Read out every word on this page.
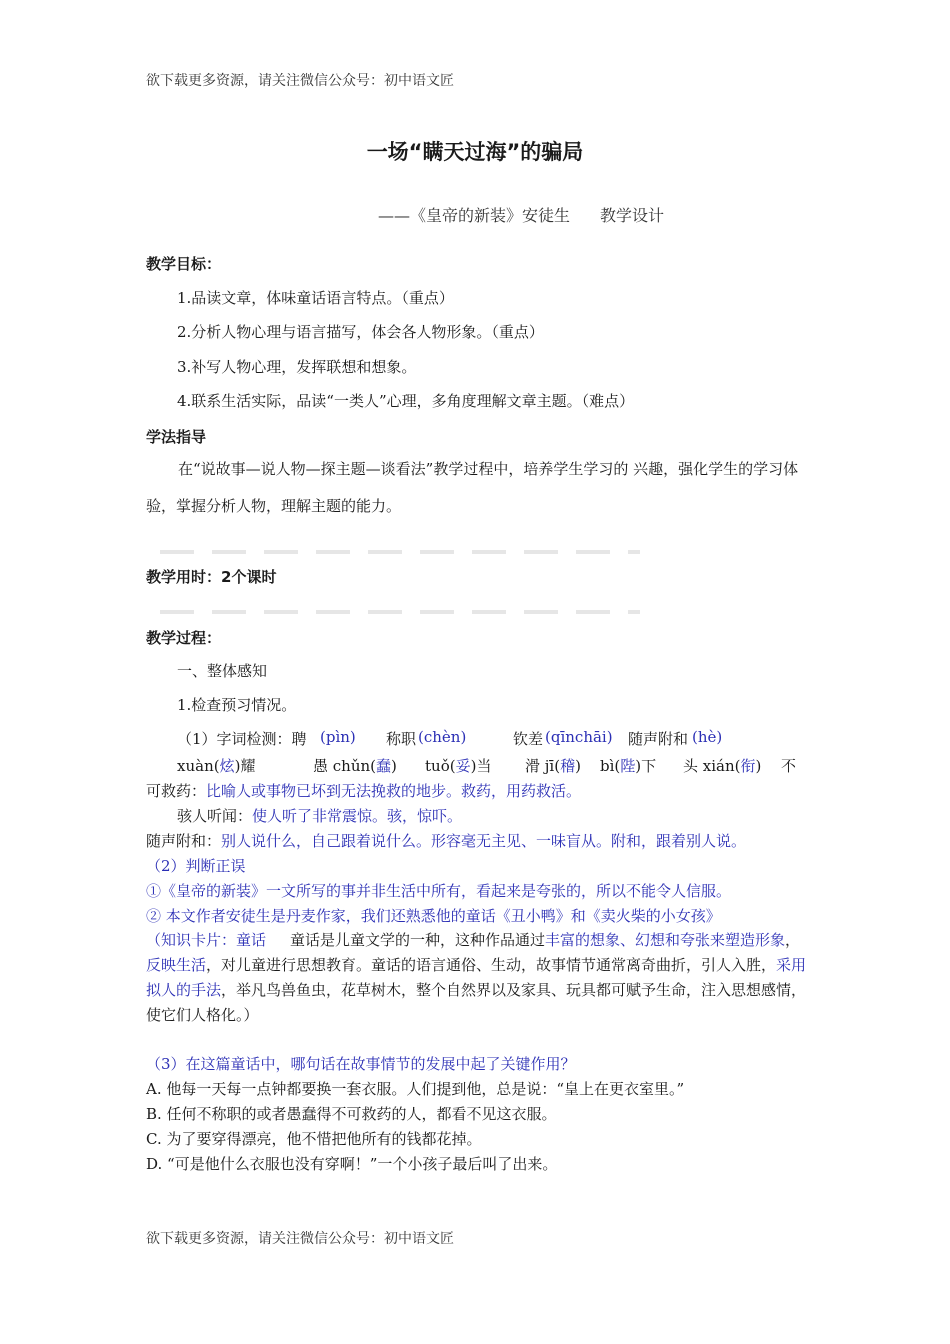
欲下载更多资源，请关注微信公众号：初中语文匠
一场“瞒天过海”的骗局
——《皇帝的新装》安徒生 教学设计
教学目标：
1.品读文章，体味童话语言特点。（重点）
2.分析人物心理与语言描写，体会各人物形象。（重点）
3.补写人物心理，发挥联想和想象。
4.联系生活实际，品读“一类人”心理，多角度理解文章主题。（难点）
学法指导
在“说故事—说人物—探主题—谈看法”教学过程中，培养学生学习的 兴趣，强化学生的学习体验，掌握分析人物，理解主题的能力。
教学用时：2个课时
教学过程：
一、整体感知
1.检查预习情况。
（1）字词检测：聘 (pìn) 称职 (chèn)	钦差 (qīnchāi) 随声附和 (hè)
xuàn(炫)耀	愚 chǔn(蠢) tuǒ(妥)当 滑 jī(稽) bì(陛)下 头 xián(衔) 不
可救药：比喻人或事物已坏到无法挽救的地步。救药，用药救活。
骇人听闻：使人听了非常震惊。骇，惊吓。
随声附和：别人说什么，自己跟着说什么。形容毫无主见、一味盲从。附和，跟着别人说。
（2）判断正误
①《皇帝的新装》一文所写的事并非生活中所有，看起来是夸张的，所以不能令人信服。
② 本文作者安徒生是丹麦作家，我们还熟悉他的童话《丑小鸭》和《卖火柴的小女孩》
（知识卡片：童话 童话是儿童文学的一种，这种作品通过丰富的想象、幻想和夸张来塑造形象，反映生活，对儿童进行思想教育。童话的语言通俗、生动，故事情节通常离奇曲折，引人入胜，采用拟人的手法，举凡鸟兽鱼虫，花草树木，整个自然界以及家具、玩具都可赋予生命，注入思想感情，使它们人格化。）
（3）在这篇童话中，哪句话在故事情节的发展中起了关键作用？
A. 他每一天每一点钟都要换一套衣服。人们提到他，总是说：“皇上在更衣室里。”
B. 任何不称职的或者愚蠢得不可救药的人，都看不见这衣服。
C. 为了要穿得漂亮，他不惜把他所有的钱都花掉。
D. “可是他什么衣服也没有穿啊！”一个小孩子最后叫了出来。
欲下载更多资源，请关注微信公众号：初中语文匠
